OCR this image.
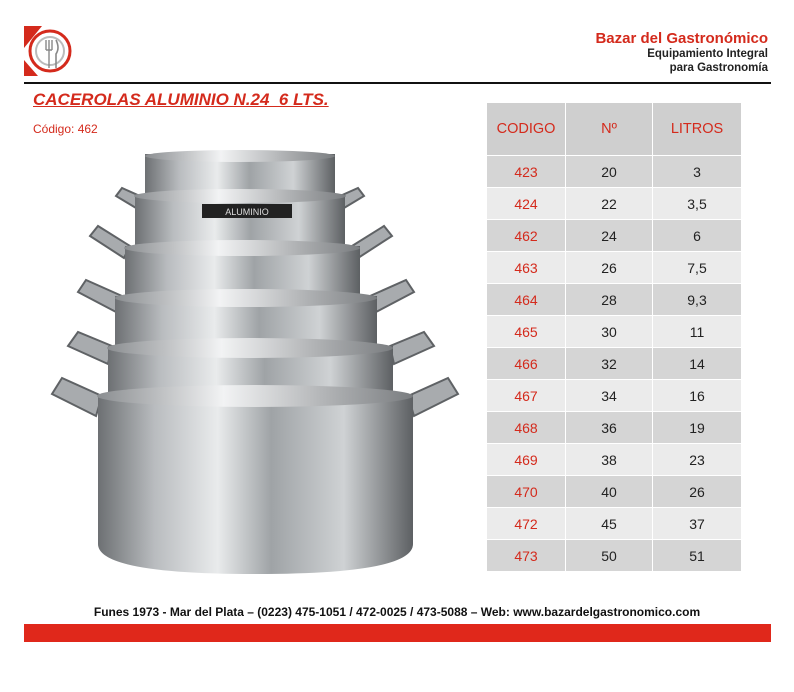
Bazar del Gastronómico
Equipamiento Integral
para Gastronomía
CACEROLAS ALUMINIO N.24  6 LTS.
Código: 462
ALUMINIO
CODIGO	Nº	LITROS
423	20	3
424	22	3,5
462	24	6
463	26	7,5
464	28	9,3
465	30	11
466	32	14
467	34	16
468	36	19
469	38	23
470	40	26
472	45	37
473	50	51
Funes 1973 - Mar del Plata – (0223) 475-1051 / 472-0025 / 473-5088 – Web: www.bazardelgastronomico.com
